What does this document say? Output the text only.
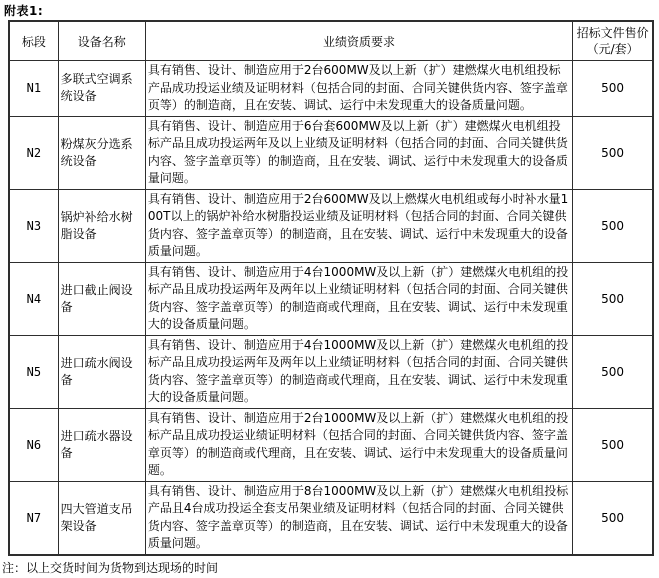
附表1:
标段	设备名称	业绩资质要求	招标文件售价
（元/套）

N1	多联式空调系统设备	具有销售、设计、制造应用于2台600MW及以上新（扩）建燃煤火电机组投标产品成功投运业绩及证明材料（包括合同的封面、合同关键供货内容、签字盖章页等）的制造商，且在安装、调试、运行中未发现重大的设备质量问题。	500
N2	粉煤灰分选系统设备	具有销售、设计、制造应用于6台套600MW及以上新（扩）建燃煤火电机组投标产品且成功投运两年及以上业绩及证明材料（包括合同的封面、合同关键供货内容、签字盖章页等）的制造商，且在安装、调试、运行中未发现重大的设备质量问题。	500
N3	锅炉补给水树脂设备	具有销售、设计、制造应用于2台600MW及以上燃煤火电机组或每小时补水量100T以上的锅炉补给水树脂投运业绩及证明材料（包括合同的封面、合同关键供货内容、签字盖章页等）的制造商，且在安装、调试、运行中未发现重大的设备质量问题。	500
N4	进口截止阀设备	具有销售、设计、制造应用于4台1000MW及以上新（扩）建燃煤火电机组的投标产品且成功投运两年及两年以上业绩证明材料（包括合同的封面、合同关键供货内容、签字盖章页等）的制造商或代理商，且在安装、调试、运行中未发现重大的设备质量问题。	500
N5	进口疏水阀设备	具有销售、设计、制造应用于4台1000MW及以上新（扩）建燃煤火电机组的投标产品且成功投运两年及两年以上业绩证明材料（包括合同的封面、合同关键供货内容、签字盖章页等）的制造商或代理商，且在安装、调试、运行中未发现重大的设备质量问题。	500
N6	进口疏水器设备	具有销售、设计、制造应用于2台1000MW及以上新（扩）建燃煤火电机组的投标产品且成功投运业绩证明材料（包括合同的封面、合同关键供货内容、签字盖章页等）的制造商或代理商，且在安装、调试、运行中未发现重大的设备质量问题。	500
N7	四大管道支吊架设备	具有销售、设计、制造应用于8台1000MW及以上新（扩）建燃煤火电机组投标产品且4台成功投运全套支吊架业绩及证明材料（包括合同的封面、合同关键供货内容、签字盖章页等）的制造商，且在安装、调试、运行中未发现重大的设备质量问题。	500
注：以上交货时间为货物到达现场的时间
